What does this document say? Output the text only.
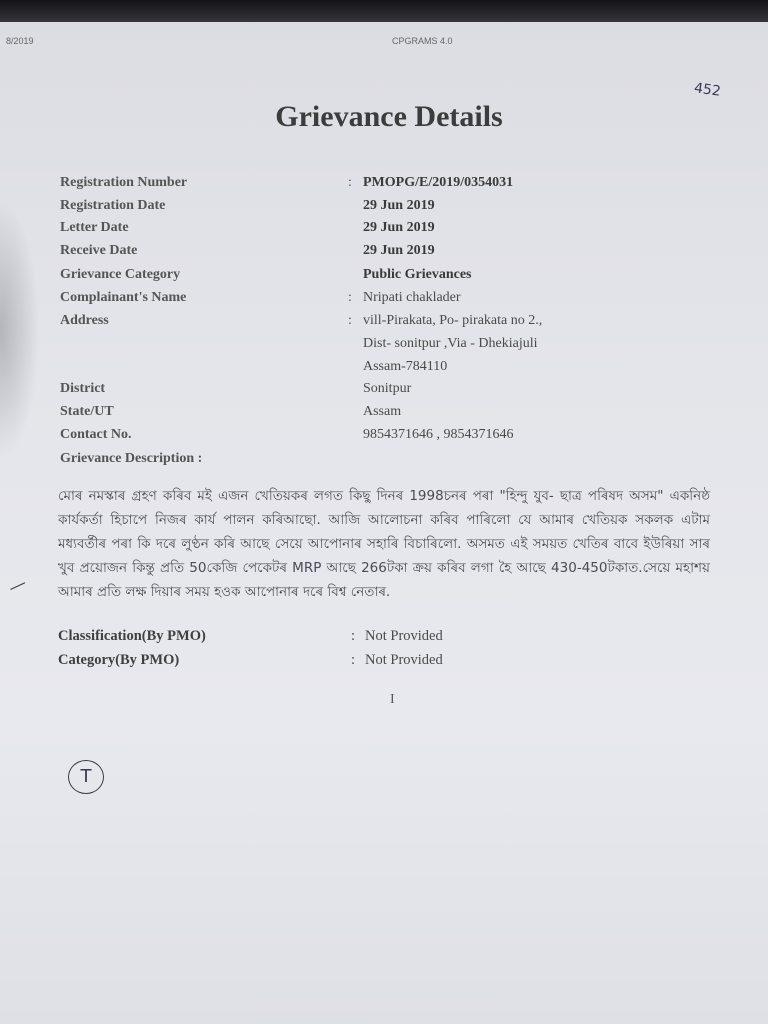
8/2019	CPGRAMS 4.0
452
Grievance Details
Registration Number	: PMOPG/E/2019/0354031
Registration Date	29 Jun 2019
Letter Date	29 Jun 2019
Receive Date	29 Jun 2019
Grievance Category	Public Grievances
Complainant's Name	: Nripati chaklader
Address	: vill-Pirakata, Po- pirakata no 2.,
Dist- sonitpur ,Via - Dhekiajuli
Assam-784110
District	Sonitpur
State/UT	Assam
Contact No.	9854371646 , 9854371646
Grievance Description :
মোৰ নমস্কাৰ গ্ৰহণ কৰিব মই এজন খেতিয়কৰ লগত কিছু দিনৰ 1998চনৰ পৰা "হিন্দু যুব- ছাত্ৰ পৰিষদ অসম" একনিষ্ঠ কাৰ্যকৰ্তা হিচাপে নিজৰ কাৰ্য পালন কৰিআছো. আজি আলোচনা কৰিব পাৰিলো যে আমাৰ খেতিয়ক সকলক এটাম মধ্যবৰ্তীৰ পৰা কি দৰে লুণ্ঠন কৰি আছে সেয়ে আপোনাৰ সহাৰি বিচাৰিলো. অসমত এই সময়ত খেতিৰ বাবে ইউৰিয়া সাৰ খুব প্ৰয়োজন কিন্তু প্ৰতি 50কেজি পেকেটৰ MRP আছে 266টকা ক্ৰয় কৰিব লগা হৈ আছে 430-450টকাত.সেয়ে মহাশয় আমাৰ প্ৰতি লক্ষ দিয়াৰ সময় হওক আপোনাৰ দৰে বিশ্ব নেতাৰ.
Classification(By PMO)	: Not Provided
Category(By PMO)	: Not Provided
I
T
